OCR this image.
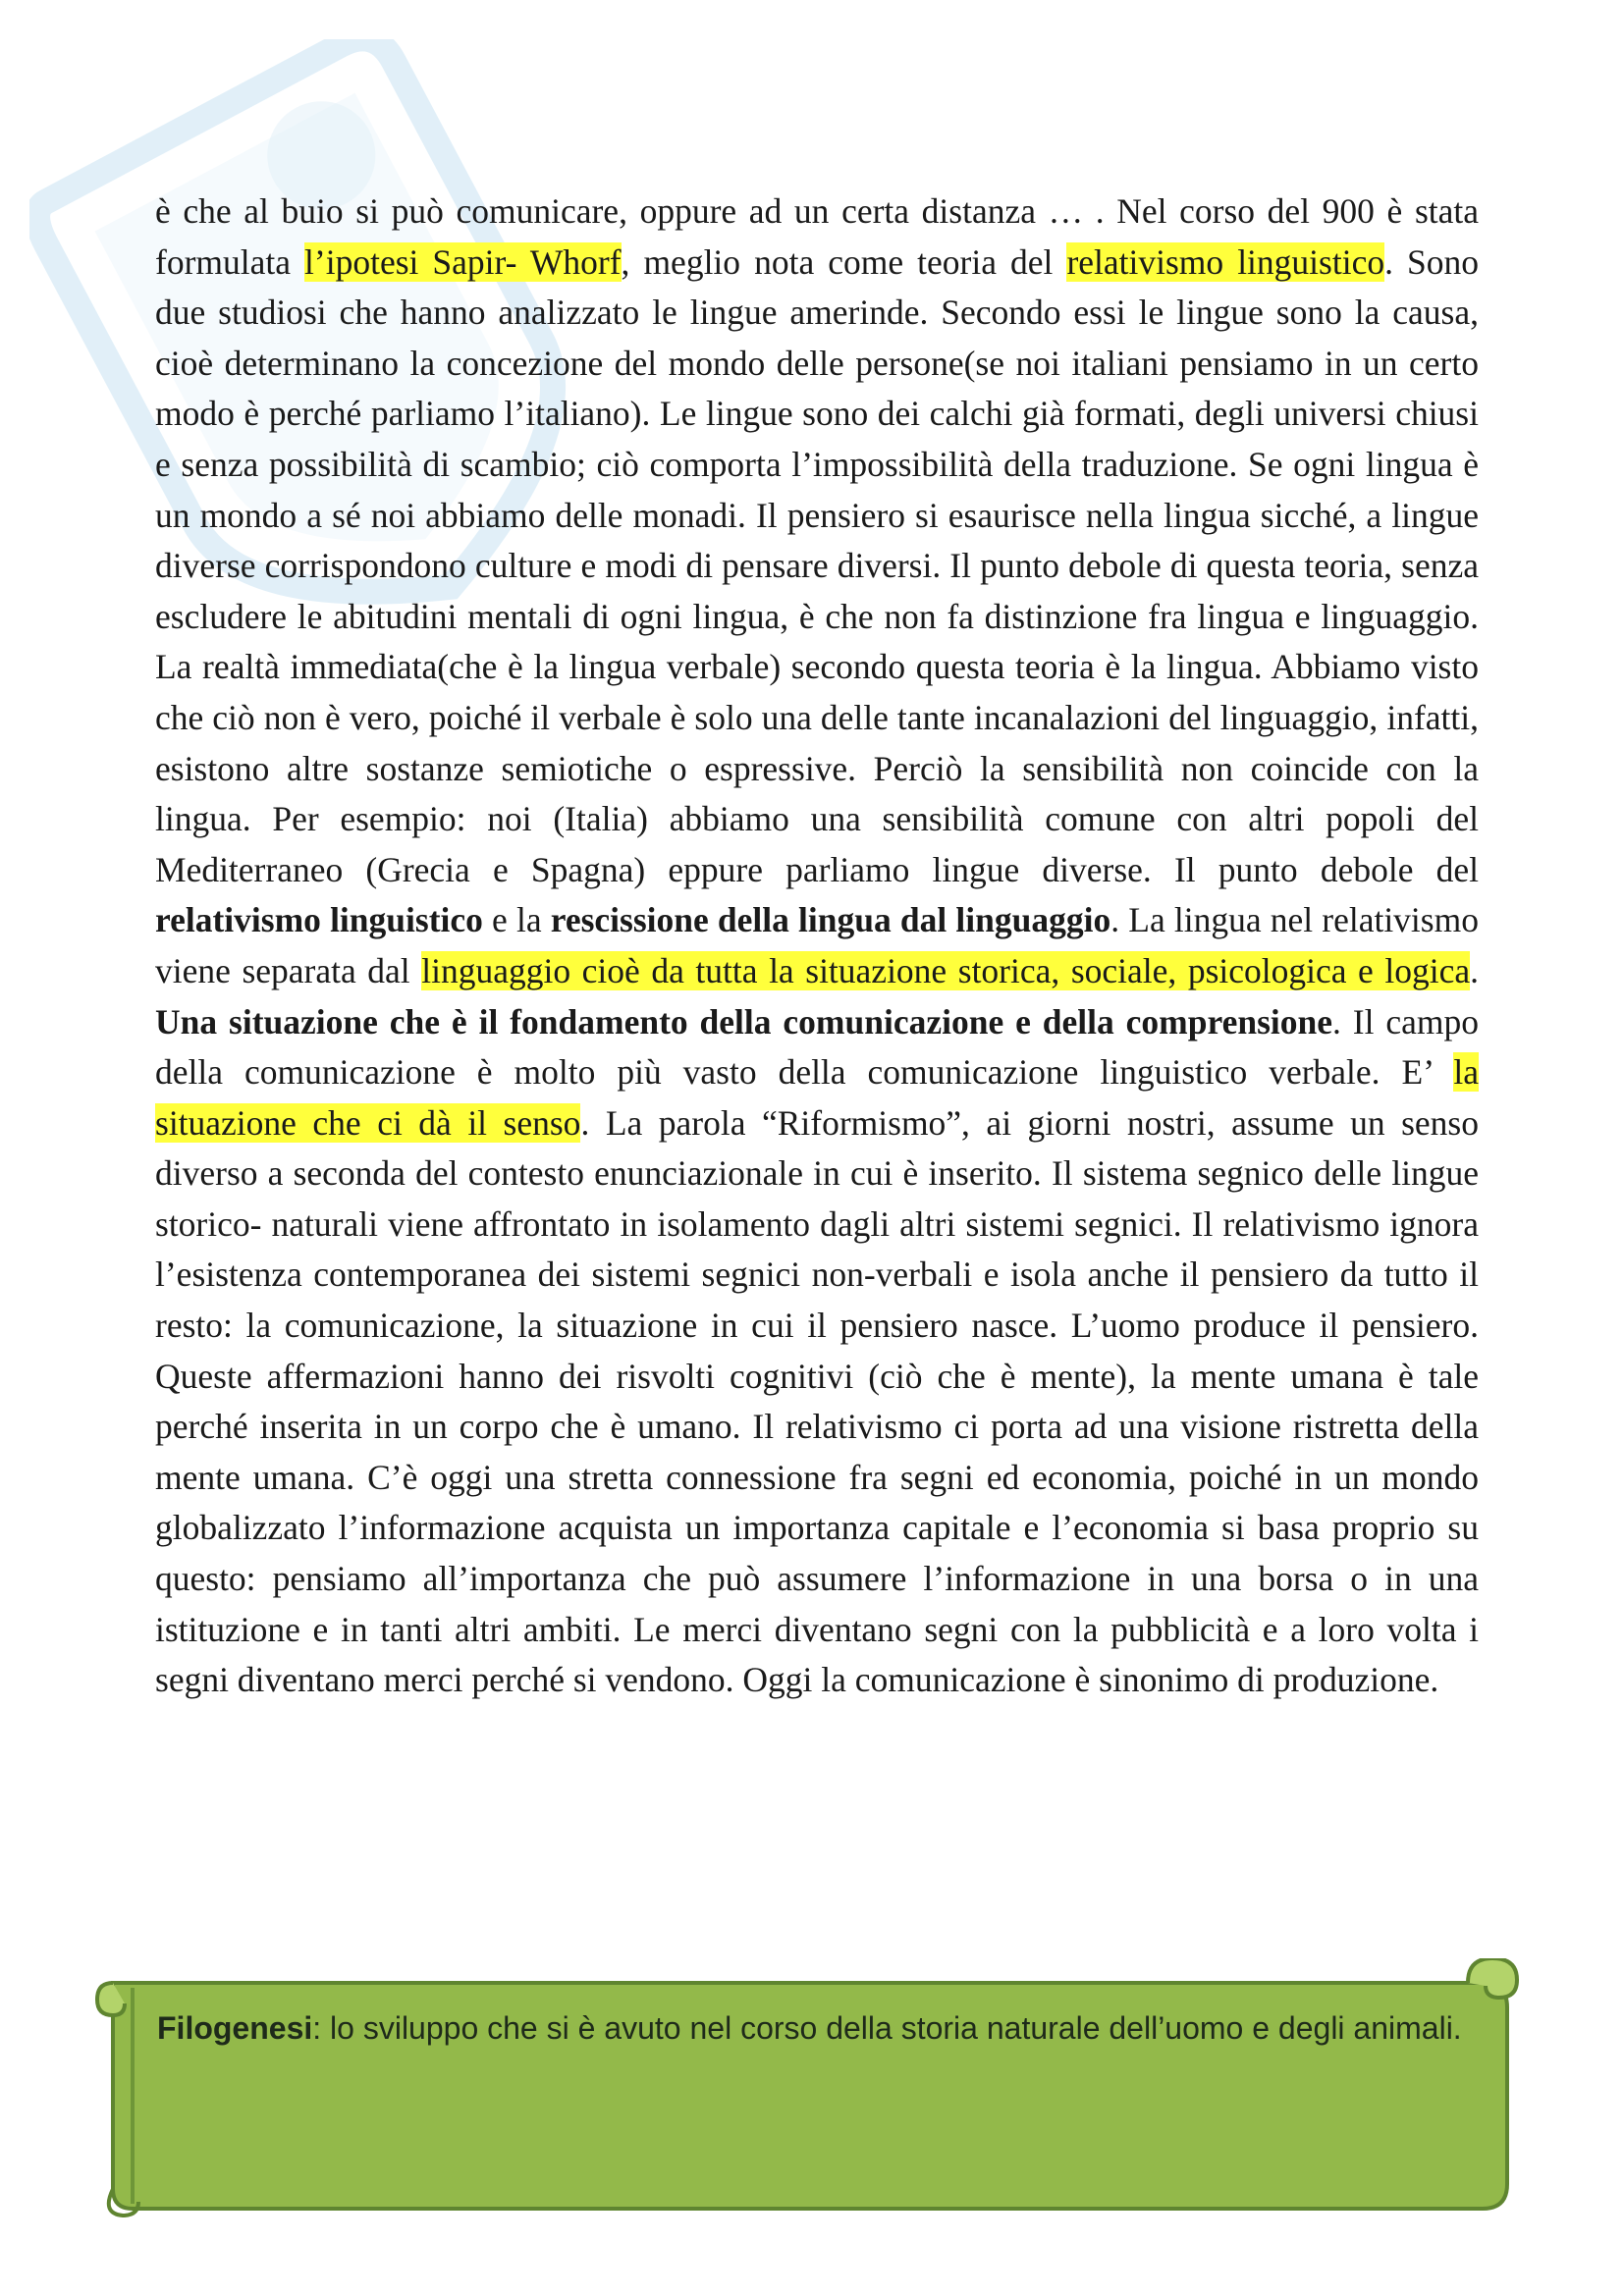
è che al buio si può comunicare, oppure ad un certa distanza … . Nel corso del 900 è stata formulata l’ipotesi Sapir- Whorf, meglio nota come teoria del relativismo linguistico. Sono due studiosi che hanno analizzato le lingue amerinde. Secondo essi le lingue sono la causa, cioè determinano la concezione del mondo delle persone(se noi italiani pensiamo in un certo modo è perché parliamo l’italiano). Le lingue sono dei calchi già formati, degli universi chiusi e senza possibilità di scambio; ciò comporta l’impossibilità della traduzione. Se ogni lingua è un mondo a sé noi abbiamo delle monadi. Il pensiero si esaurisce nella lingua sicché, a lingue diverse corrispondono culture e modi di pensare diversi. Il punto debole di questa teoria, senza escludere le abitudini mentali di ogni lingua, è che non fa distinzione fra lingua e linguaggio. La realtà immediata(che è la lingua verbale) secondo questa teoria è la lingua. Abbiamo visto che ciò non è vero, poiché il verbale è solo una delle tante incanalazioni del linguaggio, infatti, esistono altre sostanze semiotiche o espressive. Perciò la sensibilità non coincide con la lingua. Per esempio: noi (Italia) abbiamo una sensibilità comune con altri popoli del Mediterraneo (Grecia e Spagna) eppure parliamo lingue diverse. Il punto debole del relativismo linguistico e la rescissione della lingua dal linguaggio. La lingua nel relativismo viene separata dal linguaggio cioè da tutta la situazione storica, sociale, psicologica e logica. Una situazione che è il fondamento della comunicazione e della comprensione. Il campo della comunicazione è molto più vasto della comunicazione linguistico verbale. E’ la situazione che ci dà il senso. La parola “Riformismo”, ai giorni nostri, assume un senso diverso a seconda del contesto enunciazionale in cui è inserito. Il sistema segnico delle lingue storico- naturali viene affrontato in isolamento dagli altri sistemi segnici. Il relativismo ignora l’esistenza contemporanea dei sistemi segnici non-verbali e isola anche il pensiero da tutto il resto: la comunicazione, la situazione in cui il pensiero nasce. L’uomo produce il pensiero. Queste affermazioni hanno dei risvolti cognitivi (ciò che è mente), la mente umana è tale perché inserita in un corpo che è umano. Il relativismo ci porta ad una visione ristretta della mente umana. C’è oggi una stretta connessione fra segni ed economia, poiché in un mondo globalizzato l’informazione acquista un importanza capitale e l’economia si basa proprio su questo: pensiamo all’importanza che può assumere l’informazione in una borsa o in una istituzione e in tanti altri ambiti. Le merci diventano segni con la pubblicità e a loro volta i segni diventano merci perché si vendono. Oggi la comunicazione è sinonimo di produzione.

Filogenesi: lo sviluppo che si è avuto nel corso della storia naturale dell’uomo e degli animali.
